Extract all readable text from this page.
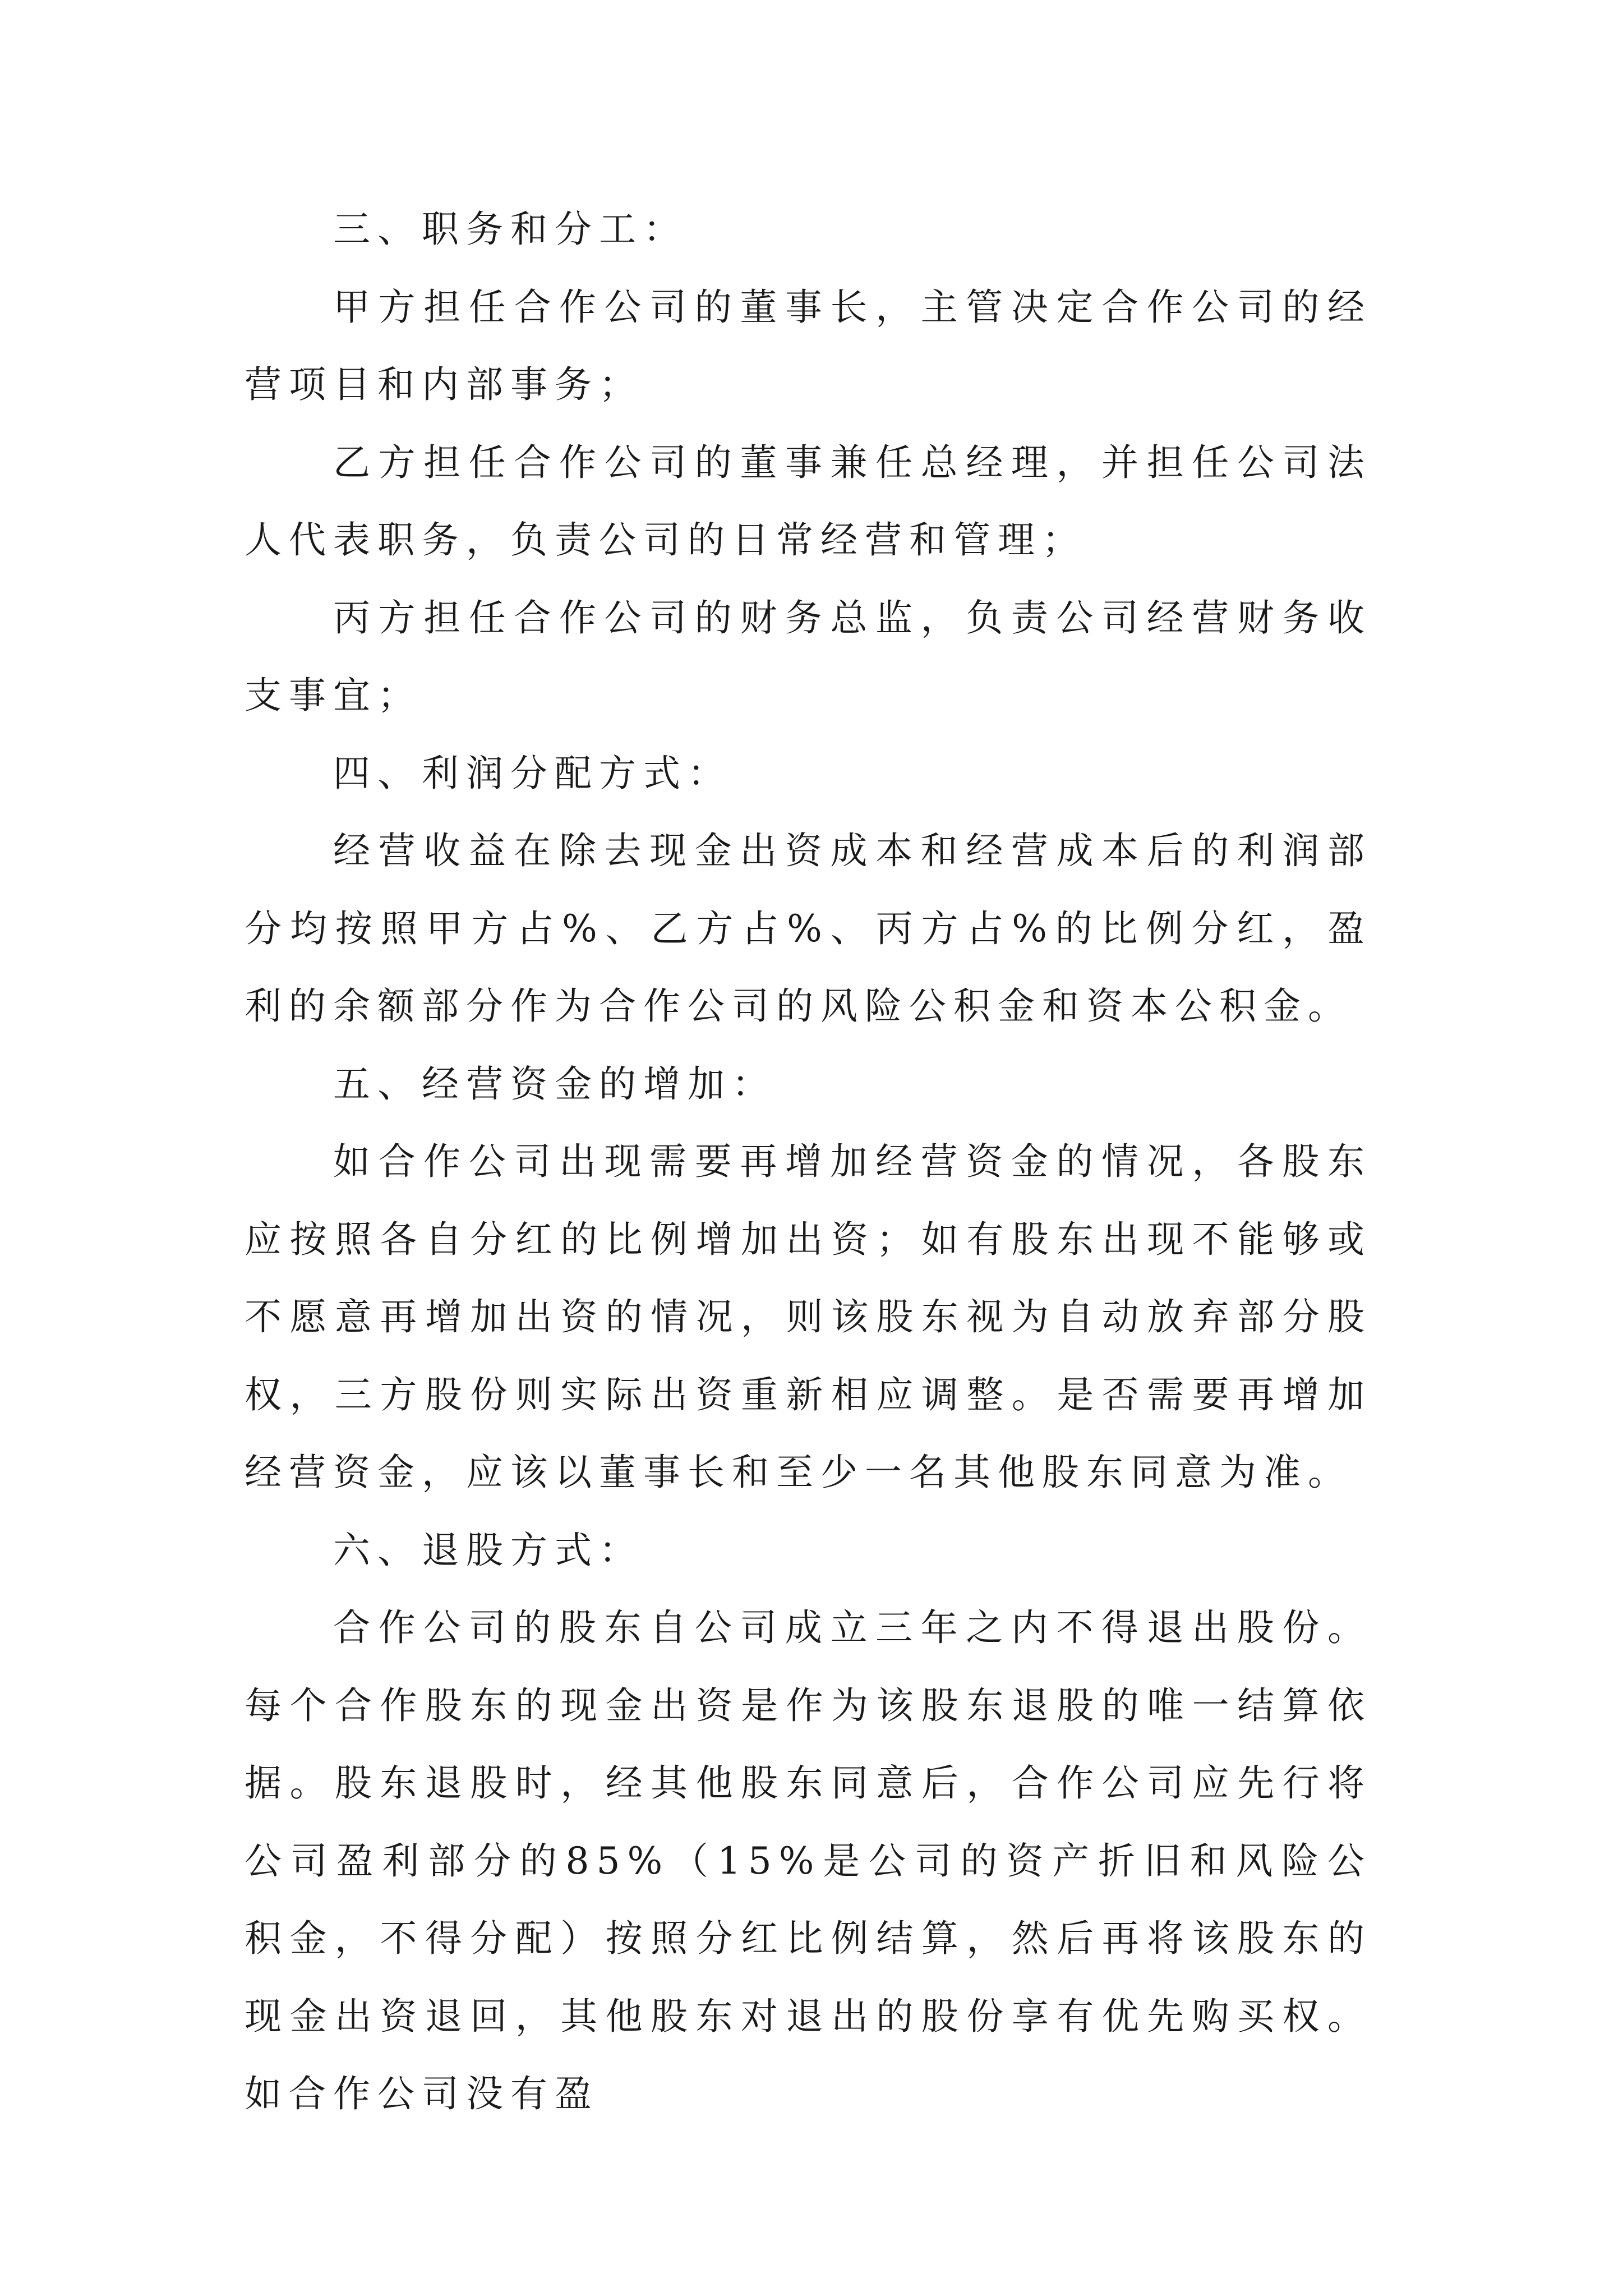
三、职务和分工：

甲方担任合作公司的董事长，主管决定合作公司的经营项目和内部事务；

乙方担任合作公司的董事兼任总经理，并担任公司法人代表职务，负责公司的日常经营和管理；

丙方担任合作公司的财务总监，负责公司经营财务收支事宜；

四、利润分配方式：

经营收益在除去现金出资成本和经营成本后的利润部分均按照甲方占%、乙方占%、丙方占%的比例分红，盈利的余额部分作为合作公司的风险公积金和资本公积金。

五、经营资金的增加：

如合作公司出现需要再增加经营资金的情况，各股东应按照各自分红的比例增加出资；如有股东出现不能够或不愿意再增加出资的情况，则该股东视为自动放弃部分股权，三方股份则实际出资重新相应调整。是否需要再增加经营资金，应该以董事长和至少一名其他股东同意为准。

六、退股方式：

合作公司的股东自公司成立三年之内不得退出股份。每个合作股东的现金出资是作为该股东退股的唯一结算依据。股东退股时，经其他股东同意后，合作公司应先行将公司盈利部分的85%（15%是公司的资产折旧和风险公积金，不得分配）按照分红比例结算，然后再将该股东的现金出资退回，其他股东对退出的股份享有优先购买权。如合作公司没有盈
